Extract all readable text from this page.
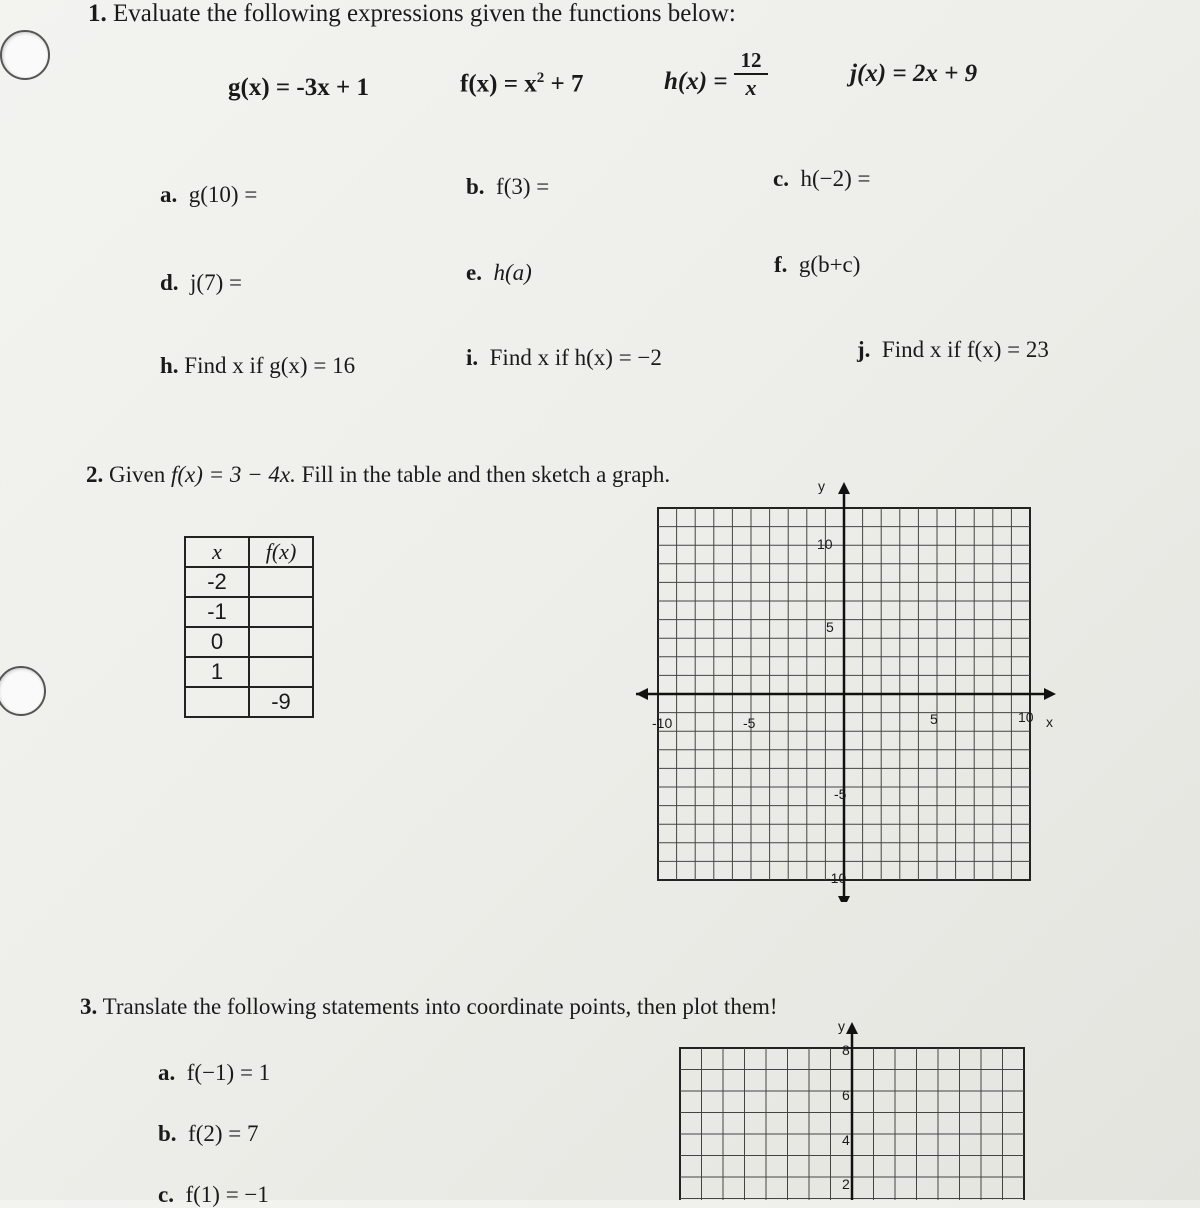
1. Evaluate the following expressions given the functions below:
g(x) = -3x + 1	$f(x) = x^2 + 7$	$h(x) = \frac{12}{x}$	j(x) = 2x + 9
a. g(10) =	b. f(3) =	c. h(−2) =
d. j(7) =	e. h(a)	f. g(b+c)
h. Find x if g(x) = 16	i. Find x if h(x) = −2	j. Find x if f(x) = 23
2. Given f(x) = 3 − 4x. Fill in the table and then sketch a graph.
x	f(x)
-2	
-1	
0	
1	
	-9
y
x
-10	-5	5	10
10
5
-5
-10
3. Translate the following statements into coordinate points, then plot them!
a. f(−1) = 1
b. f(2) = 7
c. f(1) = −1
y
8
6
4
2
